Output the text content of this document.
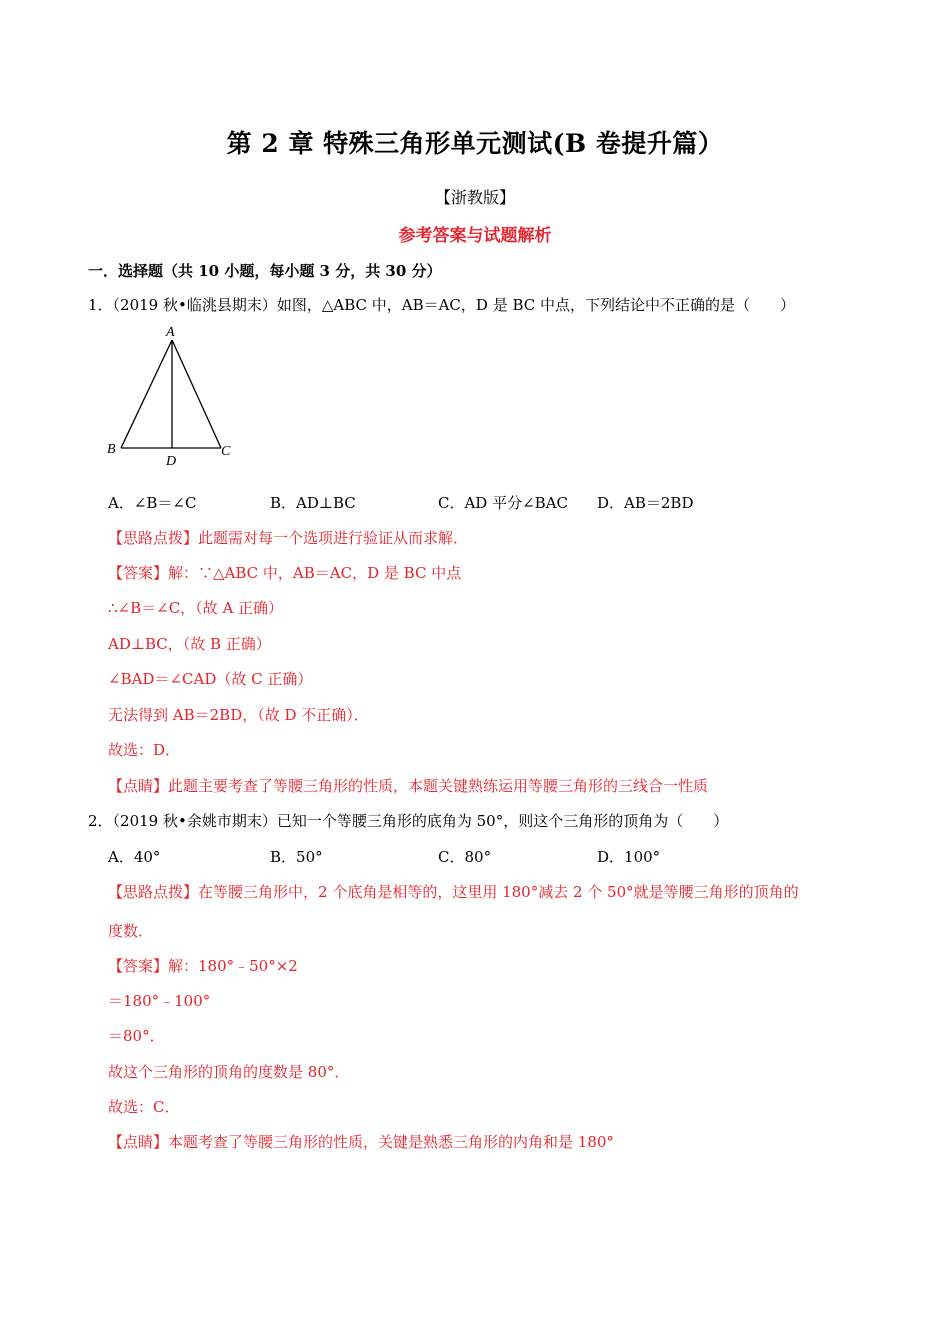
第 2 章 特殊三角形单元测试(B 卷提升篇）
【浙教版】
参考答案与试题解析
一．选择题（共 10 小题，每小题 3 分，共 30 分）
1．（2019 秋•临洮县期末）如图，△ABC 中，AB＝AC，D 是 BC 中点，下列结论中不正确的是（　　）
A
B	C
D
A．∠B＝∠C	B．AD⊥BC	C．AD 平分∠BAC D．AB＝2BD
【思路点拨】此题需对每一个选项进行验证从而求解．
【答案】解：∵△ABC 中，AB＝AC，D 是 BC 中点
∴∠B＝∠C，（故 A 正确）
AD⊥BC，（故 B 正确）
∠BAD＝∠CAD（故 C 正确）
无法得到 AB＝2BD，（故 D 不正确）．
故选：D．
【点睛】此题主要考查了等腰三角形的性质，本题关键熟练运用等腰三角形的三线合一性质
2．（2019 秋•余姚市期末）已知一个等腰三角形的底角为 50°，则这个三角形的顶角为（　　）
A．40°	B．50°	C．80°	D．100°
【思路点拨】在等腰三角形中，2 个底角是相等的，这里用 180°减去 2 个 50°就是等腰三角形的顶角的
度数．
【答案】解：180°﹣50°×2
＝180°﹣100°
＝80°．
故这个三角形的顶角的度数是 80°．
故选：C．
【点睛】本题考查了等腰三角形的性质，关键是熟悉三角形的内角和是 180°
